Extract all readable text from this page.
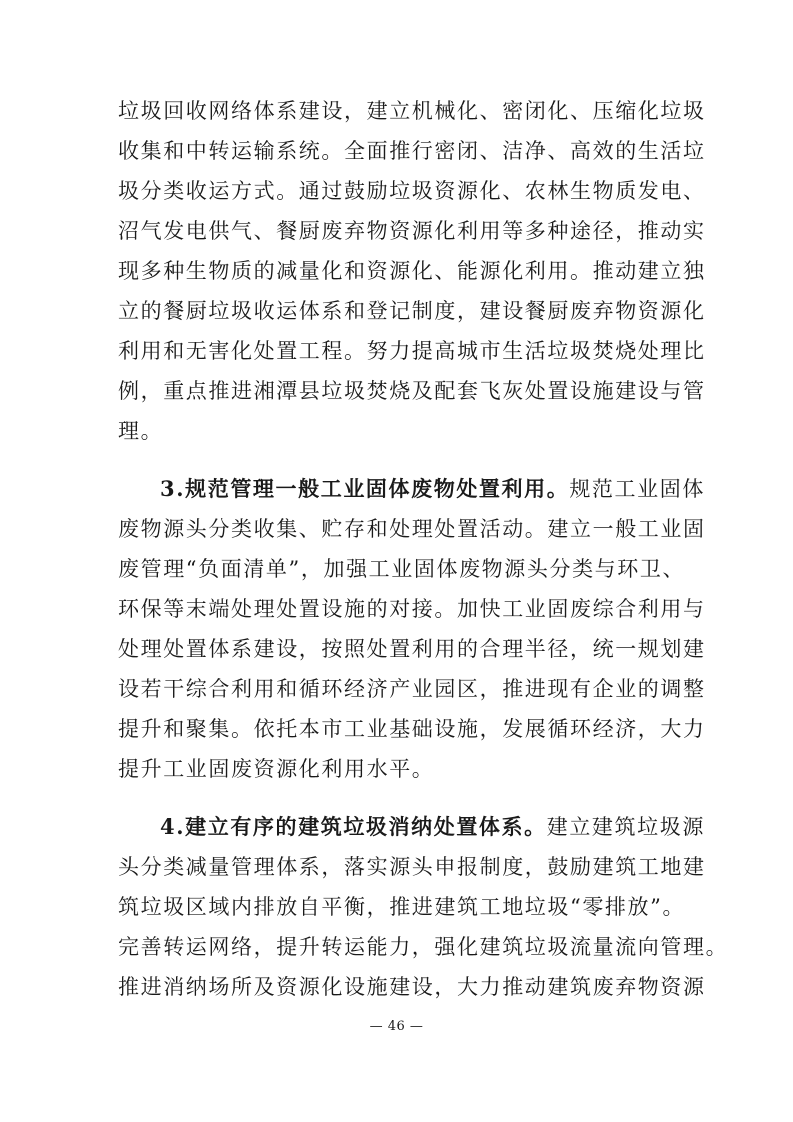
垃圾回收网络体系建设，建立机械化、密闭化、压缩化垃圾
收集和中转运输系统。全面推行密闭、洁净、高效的生活垃
圾分类收运方式。通过鼓励垃圾资源化、农林生物质发电、
沼气发电供气、餐厨废弃物资源化利用等多种途径，推动实
现多种生物质的减量化和资源化、能源化利用。推动建立独
立的餐厨垃圾收运体系和登记制度，建设餐厨废弃物资源化
利用和无害化处置工程。努力提高城市生活垃圾焚烧处理比
例，重点推进湘潭县垃圾焚烧及配套飞灰处置设施建设与管
理。
3.规范管理一般工业固体废物处置利用。规范工业固体
废物源头分类收集、贮存和处理处置活动。建立一般工业固
废管理“负面清单”，加强工业固体废物源头分类与环卫、
环保等末端处理处置设施的对接。加快工业固废综合利用与
处理处置体系建设，按照处置利用的合理半径，统一规划建
设若干综合利用和循环经济产业园区，推进现有企业的调整
提升和聚集。依托本市工业基础设施，发展循环经济，大力
提升工业固废资源化利用水平。
4.建立有序的建筑垃圾消纳处置体系。建立建筑垃圾源
头分类减量管理体系，落实源头申报制度，鼓励建筑工地建
筑垃圾区域内排放自平衡，推进建筑工地垃圾“零排放”。
完善转运网络，提升转运能力，强化建筑垃圾流量流向管理。
推进消纳场所及资源化设施建设，大力推动建筑废弃物资源
— 46 —
